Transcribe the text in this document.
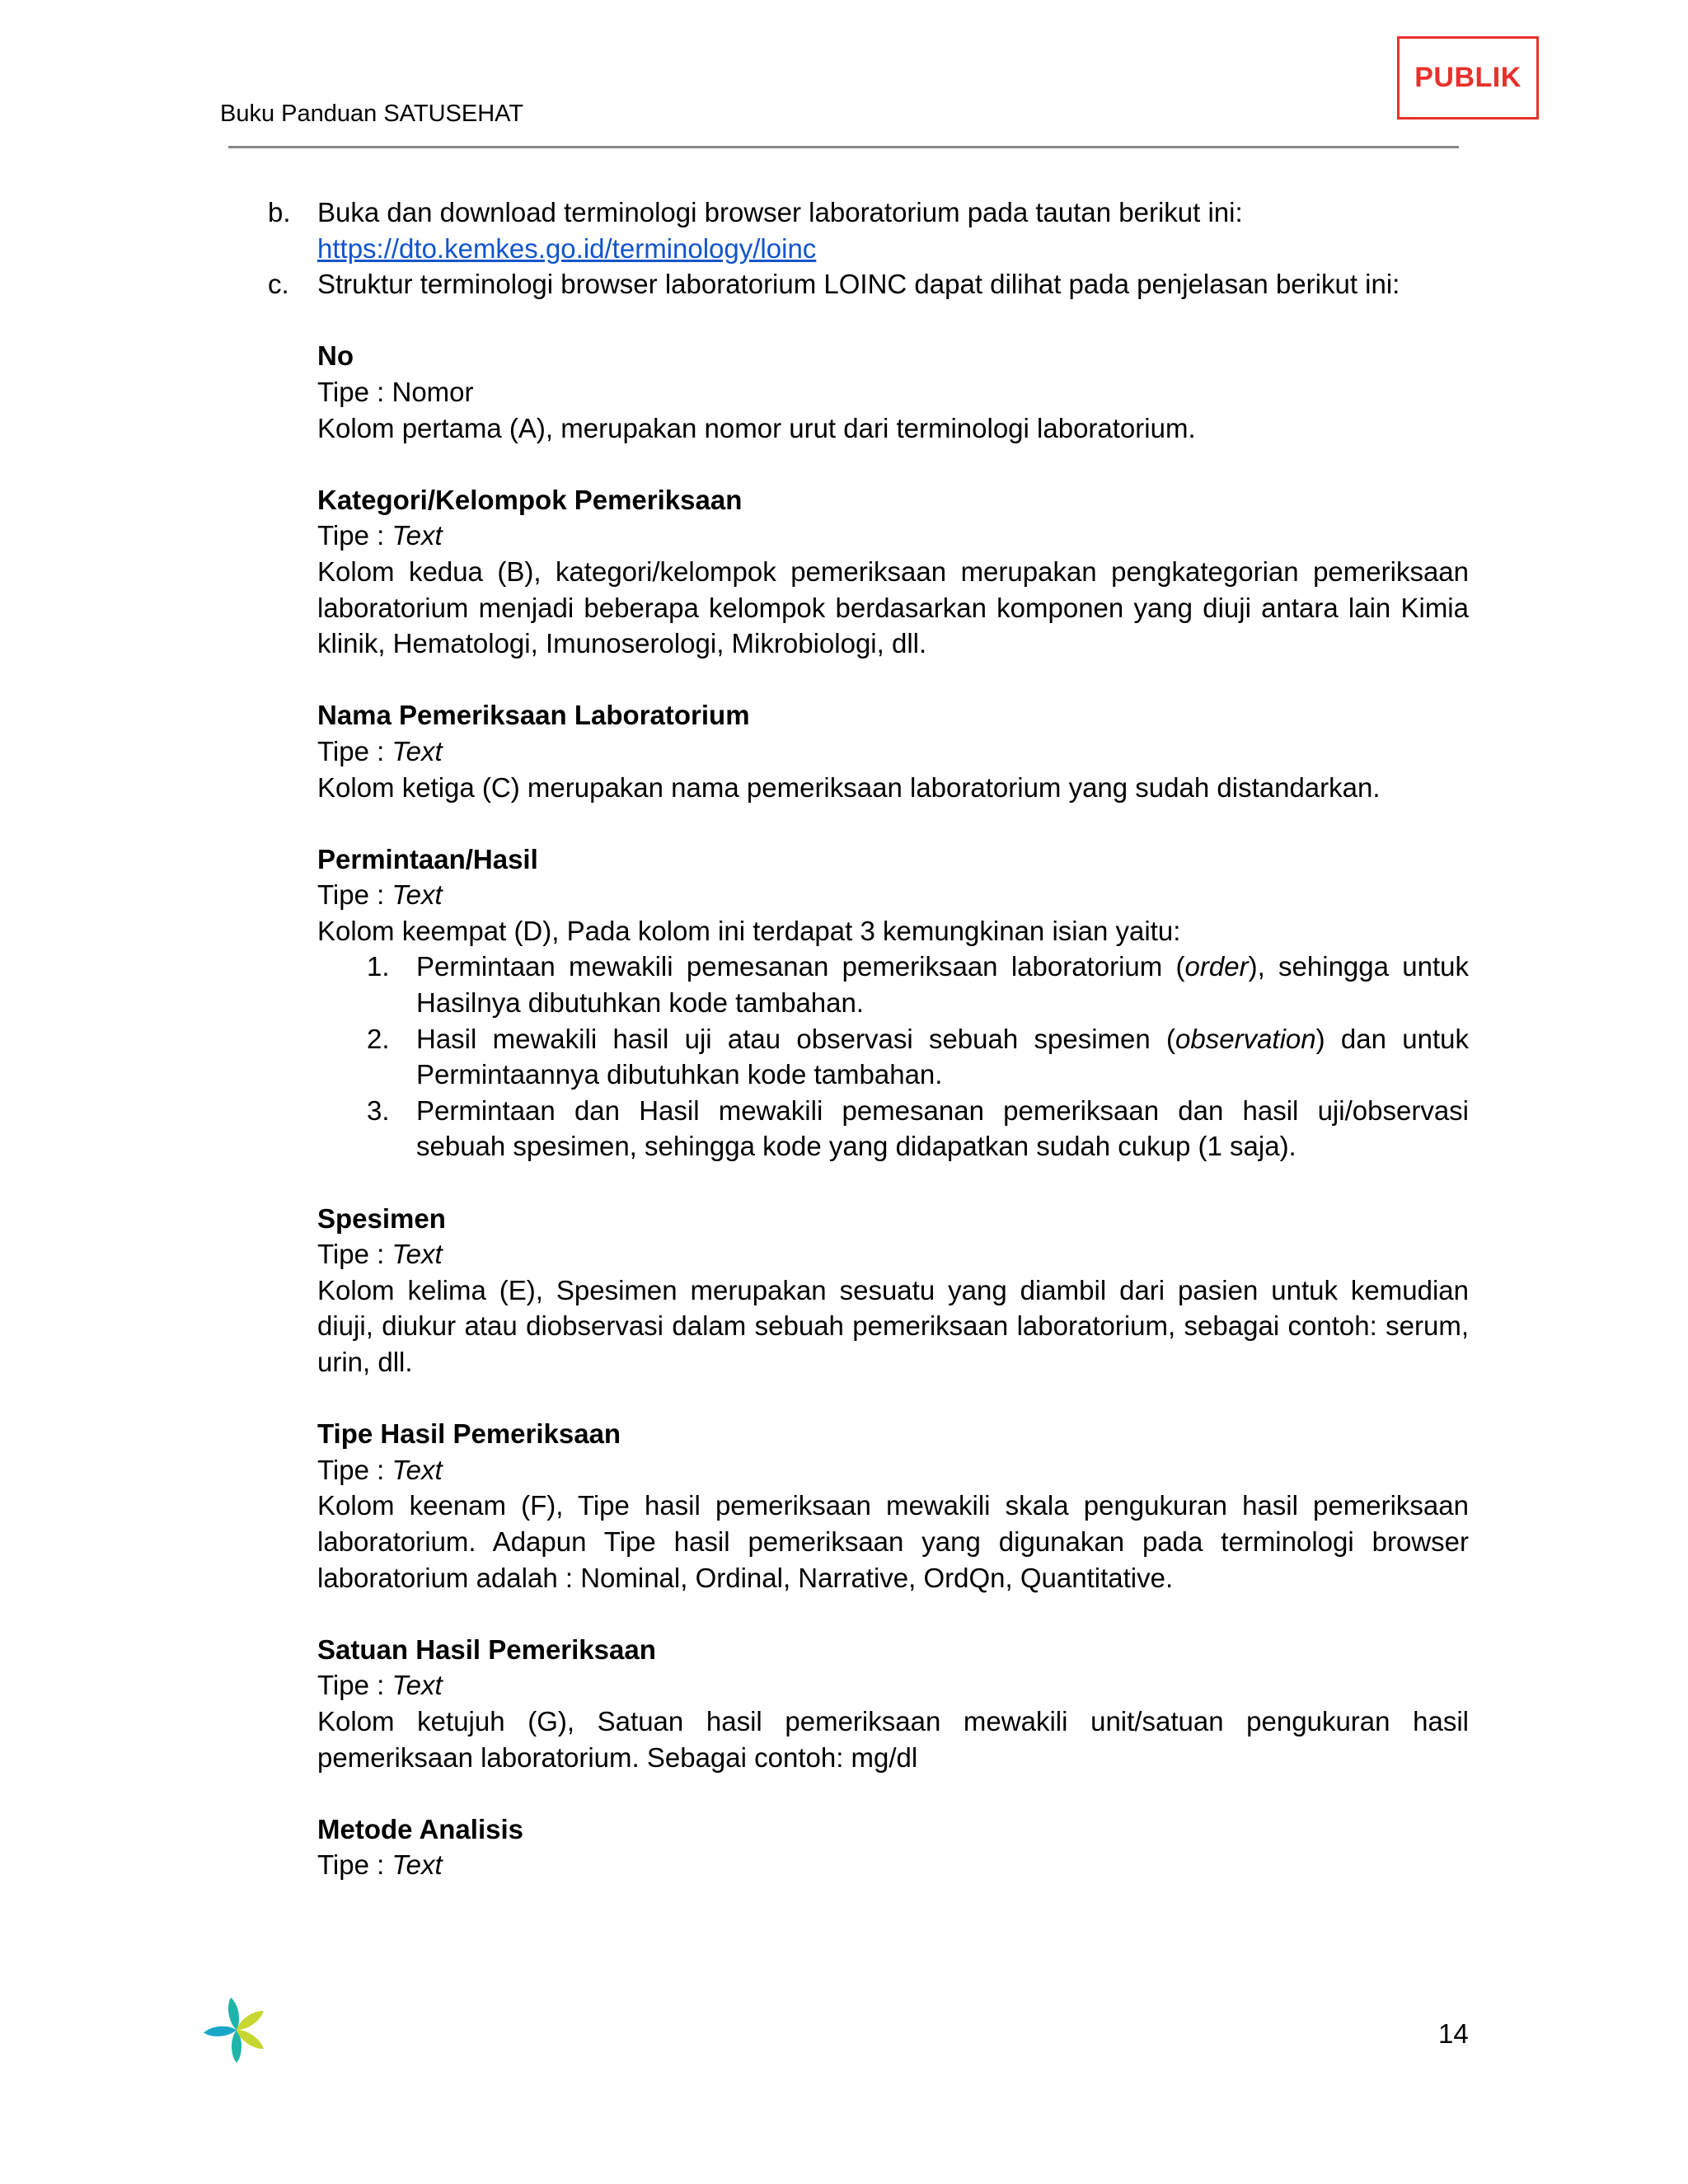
Buku Panduan SATUSEHAT
PUBLIK
b. Buka dan download terminologi browser laboratorium pada tautan berikut ini:
https://dto.kemkes.go.id/terminology/loinc
c. Struktur terminologi browser laboratorium LOINC dapat dilihat pada penjelasan berikut ini:
No
Tipe : Nomor
Kolom pertama (A), merupakan nomor urut dari terminologi laboratorium.
Kategori/Kelompok Pemeriksaan
Tipe : Text
Kolom kedua (B), kategori/kelompok pemeriksaan merupakan pengkategorian pemeriksaan laboratorium menjadi beberapa kelompok berdasarkan komponen yang diuji antara lain Kimia klinik, Hematologi, Imunoserologi, Mikrobiologi, dll.
Nama Pemeriksaan Laboratorium
Tipe : Text
Kolom ketiga (C) merupakan nama pemeriksaan laboratorium yang sudah distandarkan.
Permintaan/Hasil
Tipe : Text
Kolom keempat (D), Pada kolom ini terdapat 3 kemungkinan isian yaitu:
1. Permintaan mewakili pemesanan pemeriksaan laboratorium (order), sehingga untuk Hasilnya dibutuhkan kode tambahan.
2. Hasil mewakili hasil uji atau observasi sebuah spesimen (observation) dan untuk Permintaannya dibutuhkan kode tambahan.
3. Permintaan dan Hasil mewakili pemesanan pemeriksaan dan hasil uji/observasi sebuah spesimen, sehingga kode yang didapatkan sudah cukup (1 saja).
Spesimen
Tipe : Text
Kolom kelima (E), Spesimen merupakan sesuatu yang diambil dari pasien untuk kemudian diuji, diukur atau diobservasi dalam sebuah pemeriksaan laboratorium, sebagai contoh: serum, urin, dll.
Tipe Hasil Pemeriksaan
Tipe : Text
Kolom keenam (F), Tipe hasil pemeriksaan mewakili skala pengukuran hasil pemeriksaan laboratorium. Adapun Tipe hasil pemeriksaan yang digunakan pada terminologi browser laboratorium adalah : Nominal, Ordinal, Narrative, OrdQn, Quantitative.
Satuan Hasil Pemeriksaan
Tipe : Text
Kolom ketujuh (G), Satuan hasil pemeriksaan mewakili unit/satuan pengukuran hasil pemeriksaan laboratorium. Sebagai contoh: mg/dl
Metode Analisis
Tipe : Text
14
